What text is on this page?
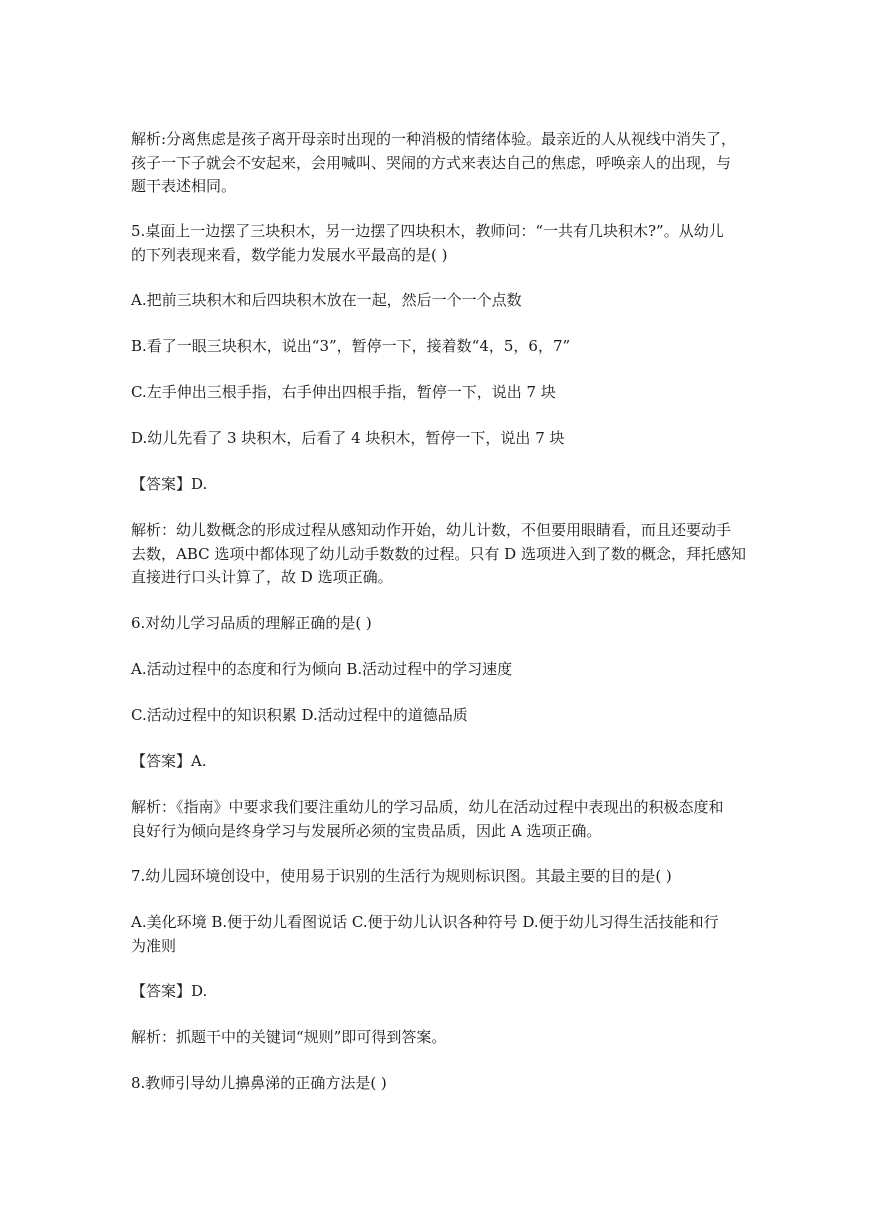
解析:分离焦虑是孩子离开母亲时出现的一种消极的情绪体验。最亲近的人从视线中消失了，
孩子一下子就会不安起来，会用喊叫、哭闹的方式来表达自己的焦虑，呼唤亲人的出现，与
题干表述相同。

5.桌面上一边摆了三块积木，另一边摆了四块积木，教师问：“一共有几块积木?”。从幼儿
的下列表现来看，数学能力发展水平最高的是( )

A.把前三块积木和后四块积木放在一起，然后一个一个点数

B.看了一眼三块积木，说出“3”，暂停一下，接着数“4，5，6，7”

C.左手伸出三根手指，右手伸出四根手指，暂停一下，说出 7 块

D.幼儿先看了 3 块积木，后看了 4 块积木，暂停一下，说出 7 块

【答案】D.

解析：幼儿数概念的形成过程从感知动作开始，幼儿计数，不但要用眼睛看，而且还要动手
去数，ABC 选项中都体现了幼儿动手数数的过程。只有 D 选项进入到了数的概念，拜托感知
直接进行口头计算了，故 D 选项正确。

6.对幼儿学习品质的理解正确的是( )

A.活动过程中的态度和行为倾向 B.活动过程中的学习速度

C.活动过程中的知识积累 D.活动过程中的道德品质

【答案】A.

解析：《指南》中要求我们要注重幼儿的学习品质，幼儿在活动过程中表现出的积极态度和
良好行为倾向是终身学习与发展所必须的宝贵品质，因此 A 选项正确。

7.幼儿园环境创设中，使用易于识别的生活行为规则标识图。其最主要的目的是( )

A.美化环境 B.便于幼儿看图说话 C.便于幼儿认识各种符号 D.便于幼儿习得生活技能和行
为准则

【答案】D.

解析：抓题干中的关键词“规则”即可得到答案。

8.教师引导幼儿擤鼻涕的正确方法是( )
